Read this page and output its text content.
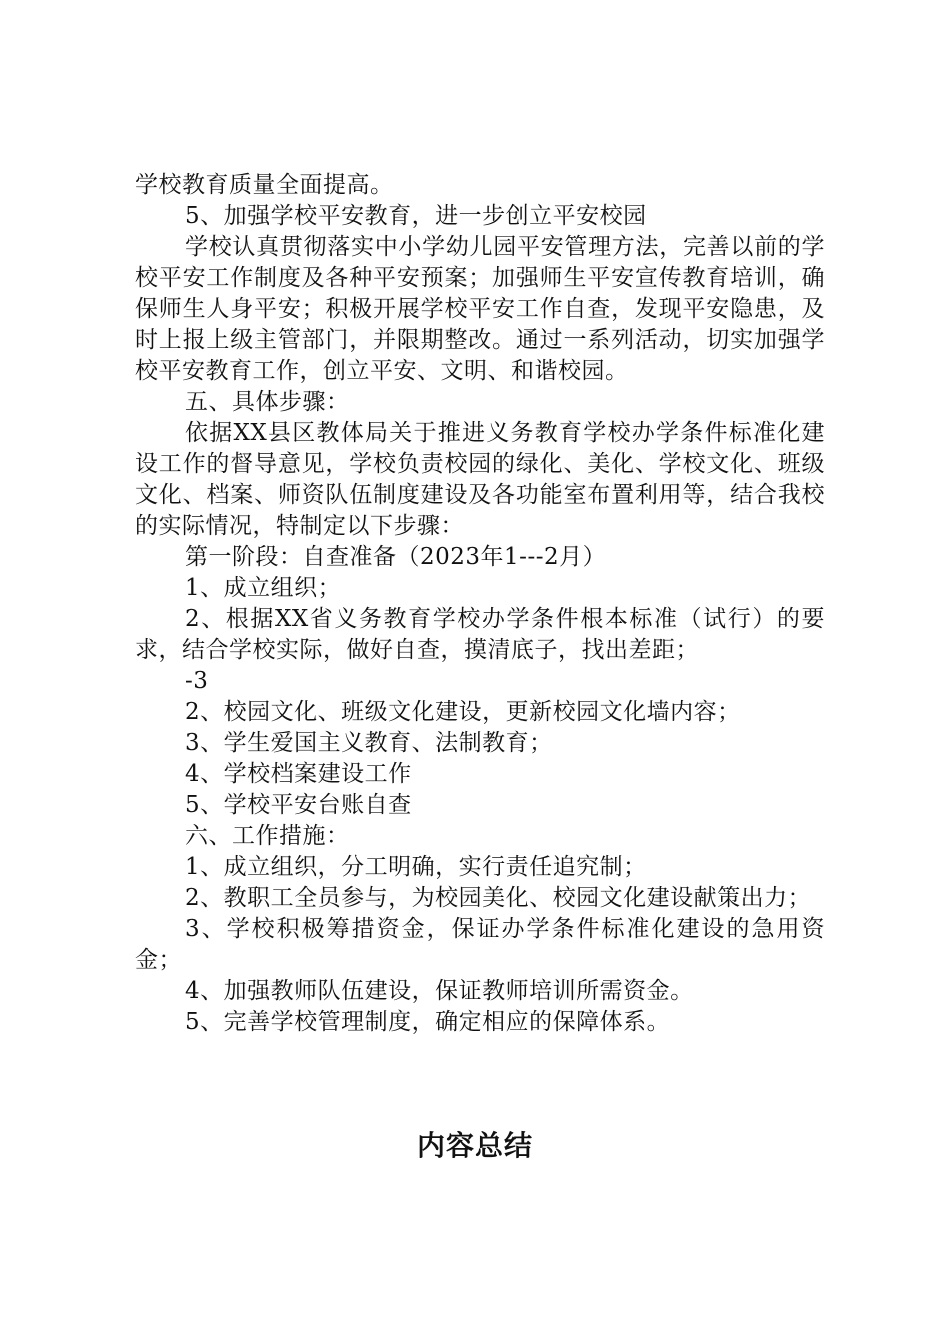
学校教育质量全面提高。

5、加强学校平安教育，进一步创立平安校园

学校认真贯彻落实中小学幼儿园平安管理方法，完善以前的学校平安工作制度及各种平安预案；加强师生平安宣传教育培训，确保师生人身平安；积极开展学校平安工作自查，发现平安隐患，及时上报上级主管部门，并限期整改。通过一系列活动，切实加强学校平安教育工作，创立平安、文明、和谐校园。

五、具体步骤：

依据XX县区教体局关于推进义务教育学校办学条件标准化建设工作的督导意见，学校负责校园的绿化、美化、学校文化、班级文化、档案、师资队伍制度建设及各功能室布置利用等，结合我校的实际情况，特制定以下步骤：

第一阶段：自查准备（2023年1---2月）

1、成立组织；

2、根据XX省义务教育学校办学条件根本标准（试行）的要求，结合学校实际，做好自查，摸清底子，找出差距；

-3

2、校园文化、班级文化建设，更新校园文化墙内容；

3、学生爱国主义教育、法制教育；

4、学校档案建设工作

5、学校平安台账自查

六、工作措施：

1、成立组织，分工明确，实行责任追究制；

2、教职工全员参与，为校园美化、校园文化建设献策出力；

3、学校积极筹措资金，保证办学条件标准化建设的急用资金；

4、加强教师队伍建设，保证教师培训所需资金。

5、完善学校管理制度，确定相应的保障体系。

内容总结
